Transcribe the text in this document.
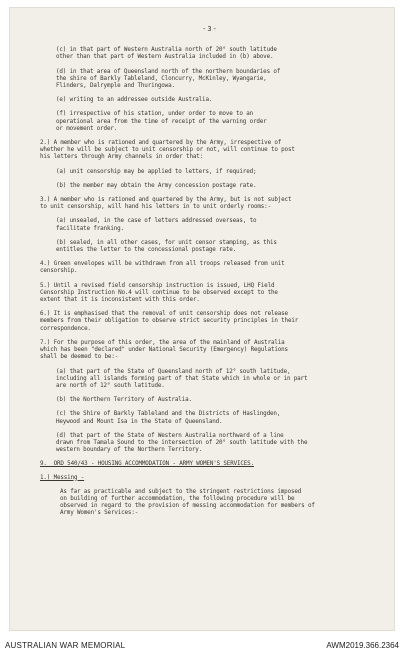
-3-
(c) in that part of Western Australia north of 20° south latitude
other than that part of Western Australia included in (b) above.
(d) in that area of Queensland north of the northern boundaries of
the shire of Barkly Tableland, Cloncurry, McKinley, Wyangarie,
Flinders, Dalrymple and Thuringowa.
(e) writing to an addressee outside Australia.
(f) irrespective of his station, under order to move to an
operational area from the time of receipt of the warning order
or movement order.
2.) A member who is rationed and quartered by the Army, irrespective of
whether he will be subject to unit censorship or not, will continue to post
his letters through Army channels in order that:
(a) unit censorship may be applied to letters, if required;
(b) the member may obtain the Army concession postage rate.
3.) A member who is rationed and quartered by the Army, but is not subject
to unit censorship, will hand his letters in to unit orderly rooms:-
(a) unsealed, in the case of letters addressed overseas, to
facilitate franking.
(b) sealed, in all other cases, for unit censor stamping, as this
entitles the letter to the concessional postage rate.
4.) Green envelopes will be withdrawn from all troops released from unit
censorship.
5.) Until a revised field censorship instruction is issued, LHQ Field
Censorship Instruction No.4 will continue to be observed except to the
extent that it is inconsistent with this order.
6.) It is emphasised that the removal of unit censorship does not release
members from their obligation to observe strict security principles in their
correspondence.
7.) For the purpose of this order, the area of the mainland of Australia
which has been "declared" under National Security (Emergency) Regulations
shall be deemed to be:-
(a) that part of the State of Queensland north of 12° south latitude,
including all islands forming part of that State which in whole or in part
are north of 12° south latitude.
(b) the Northern Territory of Australia.
(c) the Shire of Barkly Tableland and the Districts of Haslingden,
Heywood and Mount Isa in the State of Queensland.
(d) that part of the State of Western Australia northward of a line
drawn from Tamala Sound to the intersection of 20° south latitude with the
western boundary of the Northern Territory.
9.  ORD 540/43 - HOUSING ACCOMMODATION - ARMY WOMEN'S SERVICES.
1.) Messing -
As far as practicable and subject to the stringent restrictions imposed
on building of further accommodation, the following procedure will be
observed in regard to the provision of messing accommodation for members of
Army Women's Services:-
AUSTRALIAN WAR MEMORIAL	AWM2019.366.2364
